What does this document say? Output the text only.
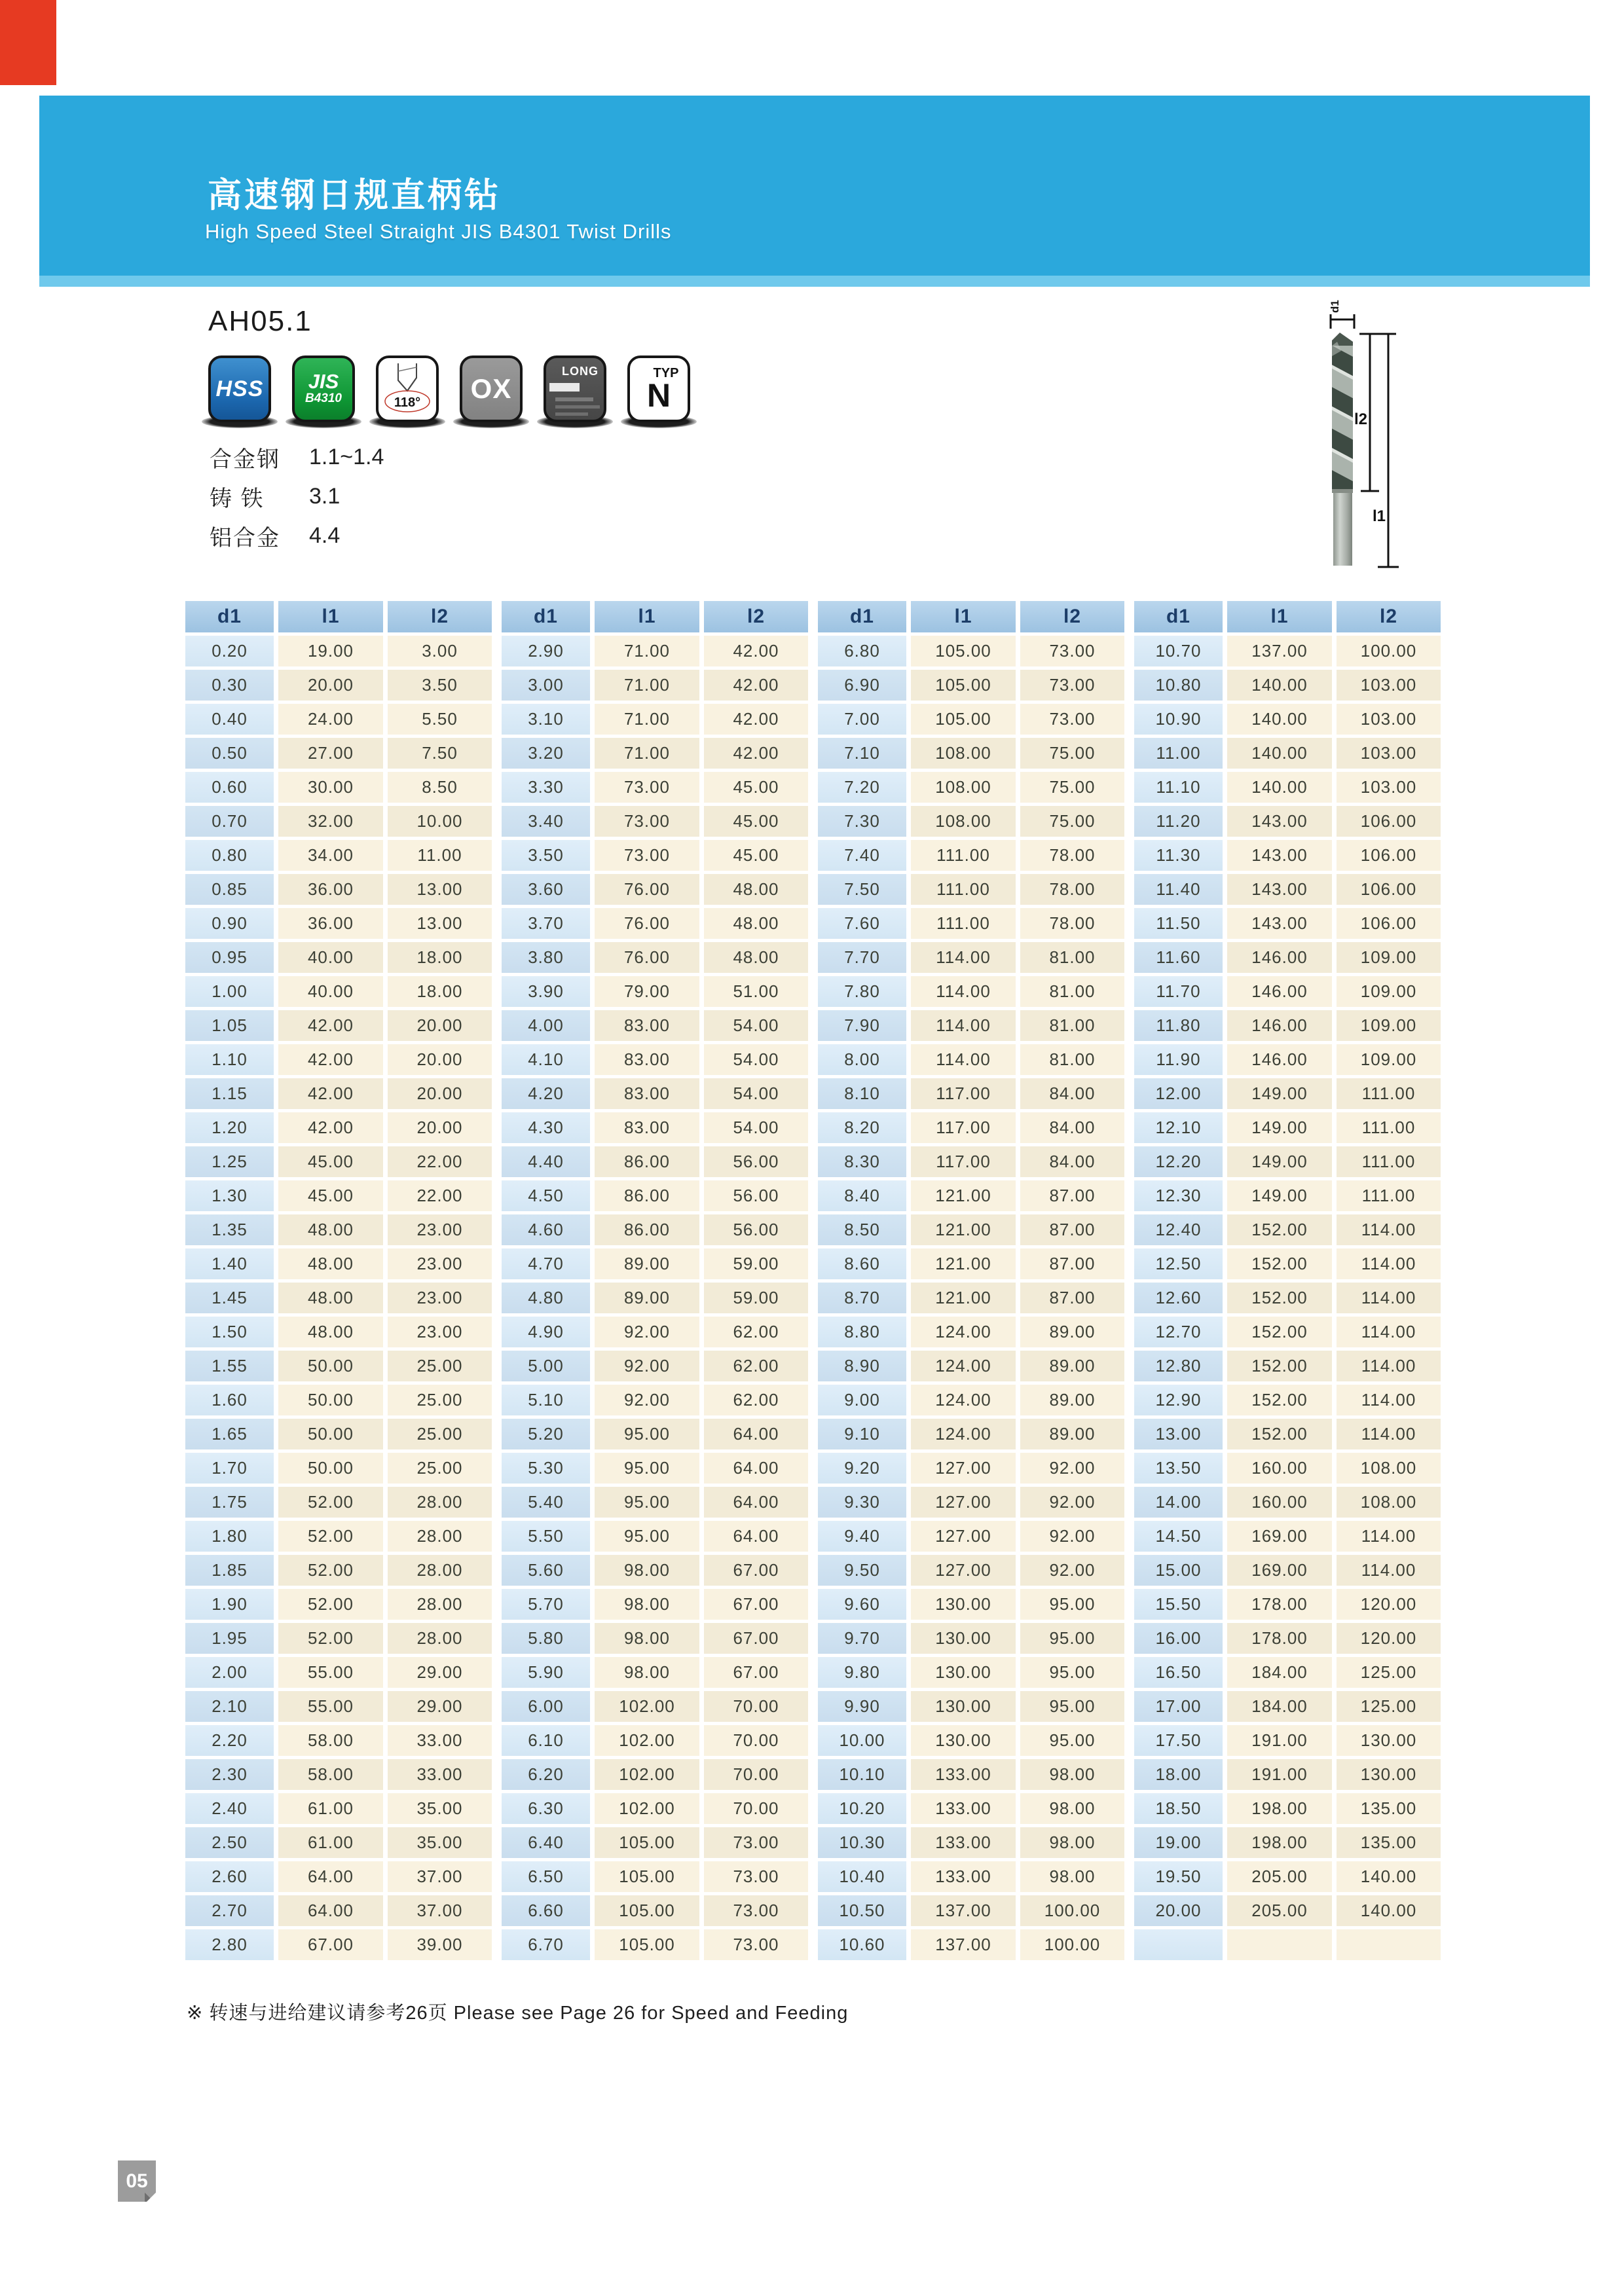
高速钢日规直柄钻
High Speed Steel Straight JIS B4301 Twist Drills
AH05.1
HSS JIS
B4310	118° OX
LONG	TYP
N
合金钢	1.1~1.4
铸 铁	3.1
铝合金	4.4
d1
l2
l1
d1	l1	l2	d1	l1	l2	d1	l1	l2	d1	l1	l2
0.20	19.00	3.00	2.90	71.00	42.00	6.80	105.00	73.00	10.70	137.00	100.00
0.30	20.00	3.50	3.00	71.00	42.00	6.90	105.00	73.00	10.80	140.00	103.00
0.40	24.00	5.50	3.10	71.00	42.00	7.00	105.00	73.00	10.90	140.00	103.00
0.50	27.00	7.50	3.20	71.00	42.00	7.10	108.00	75.00	11.00	140.00	103.00
0.60	30.00	8.50	3.30	73.00	45.00	7.20	108.00	75.00	11.10	140.00	103.00
0.70	32.00	10.00	3.40	73.00	45.00	7.30	108.00	75.00	11.20	143.00	106.00
0.80	34.00	11.00	3.50	73.00	45.00	7.40	111.00	78.00	11.30	143.00	106.00
0.85	36.00	13.00	3.60	76.00	48.00	7.50	111.00	78.00	11.40	143.00	106.00
0.90	36.00	13.00	3.70	76.00	48.00	7.60	111.00	78.00	11.50	143.00	106.00
0.95	40.00	18.00	3.80	76.00	48.00	7.70	114.00	81.00	11.60	146.00	109.00
1.00	40.00	18.00	3.90	79.00	51.00	7.80	114.00	81.00	11.70	146.00	109.00
1.05	42.00	20.00	4.00	83.00	54.00	7.90	114.00	81.00	11.80	146.00	109.00
1.10	42.00	20.00	4.10	83.00	54.00	8.00	114.00	81.00	11.90	146.00	109.00
1.15	42.00	20.00	4.20	83.00	54.00	8.10	117.00	84.00	12.00	149.00	111.00
1.20	42.00	20.00	4.30	83.00	54.00	8.20	117.00	84.00	12.10	149.00	111.00
1.25	45.00	22.00	4.40	86.00	56.00	8.30	117.00	84.00	12.20	149.00	111.00
1.30	45.00	22.00	4.50	86.00	56.00	8.40	121.00	87.00	12.30	149.00	111.00
1.35	48.00	23.00	4.60	86.00	56.00	8.50	121.00	87.00	12.40	152.00	114.00
1.40	48.00	23.00	4.70	89.00	59.00	8.60	121.00	87.00	12.50	152.00	114.00
1.45	48.00	23.00	4.80	89.00	59.00	8.70	121.00	87.00	12.60	152.00	114.00
1.50	48.00	23.00	4.90	92.00	62.00	8.80	124.00	89.00	12.70	152.00	114.00
1.55	50.00	25.00	5.00	92.00	62.00	8.90	124.00	89.00	12.80	152.00	114.00
1.60	50.00	25.00	5.10	92.00	62.00	9.00	124.00	89.00	12.90	152.00	114.00
1.65	50.00	25.00	5.20	95.00	64.00	9.10	124.00	89.00	13.00	152.00	114.00
1.70	50.00	25.00	5.30	95.00	64.00	9.20	127.00	92.00	13.50	160.00	108.00
1.75	52.00	28.00	5.40	95.00	64.00	9.30	127.00	92.00	14.00	160.00	108.00
1.80	52.00	28.00	5.50	95.00	64.00	9.40	127.00	92.00	14.50	169.00	114.00
1.85	52.00	28.00	5.60	98.00	67.00	9.50	127.00	92.00	15.00	169.00	114.00
1.90	52.00	28.00	5.70	98.00	67.00	9.60	130.00	95.00	15.50	178.00	120.00
1.95	52.00	28.00	5.80	98.00	67.00	9.70	130.00	95.00	16.00	178.00	120.00
2.00	55.00	29.00	5.90	98.00	67.00	9.80	130.00	95.00	16.50	184.00	125.00
2.10	55.00	29.00	6.00	102.00	70.00	9.90	130.00	95.00	17.00	184.00	125.00
2.20	58.00	33.00	6.10	102.00	70.00	10.00	130.00	95.00	17.50	191.00	130.00
2.30	58.00	33.00	6.20	102.00	70.00	10.10	133.00	98.00	18.00	191.00	130.00
2.40	61.00	35.00	6.30	102.00	70.00	10.20	133.00	98.00	18.50	198.00	135.00
2.50	61.00	35.00	6.40	105.00	73.00	10.30	133.00	98.00	19.00	198.00	135.00
2.60	64.00	37.00	6.50	105.00	73.00	10.40	133.00	98.00	19.50	205.00	140.00
2.70	64.00	37.00	6.60	105.00	73.00	10.50	137.00	100.00	20.00	205.00	140.00
2.80	67.00	39.00	6.70	105.00	73.00	10.60	137.00	100.00
※ 转速与进给建议请参考26页 Please see Page 26 for Speed and Feeding
05
